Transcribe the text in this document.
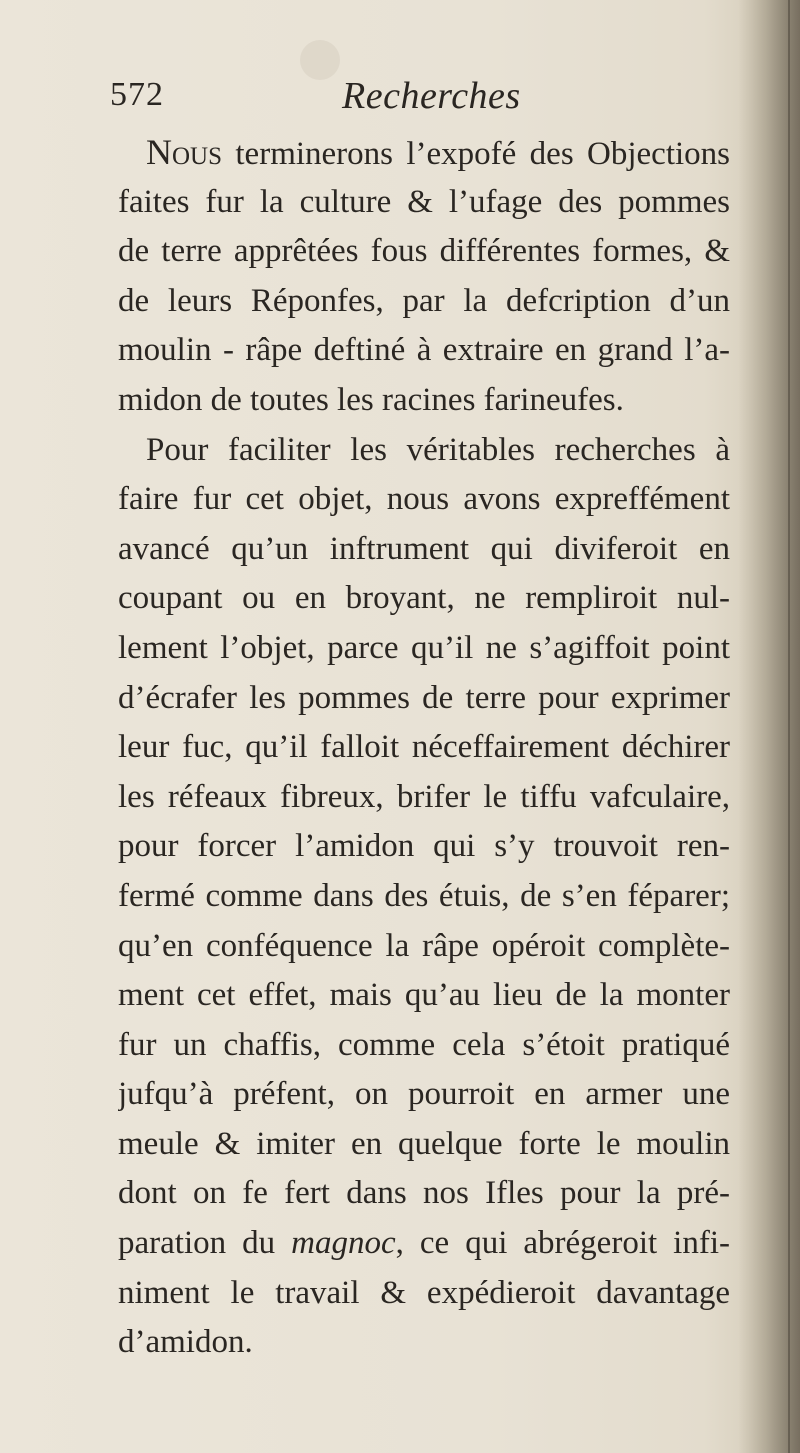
572	Recherches
Nous terminerons l’expofé des Objections
faites fur la culture & l’ufage des pommes
de terre apprêtées fous différentes formes, &
de leurs Réponfes, par la defcription d’un
moulin - râpe deftiné à extraire en grand l’a-
midon de toutes les racines farineufes.
Pour faciliter les véritables recherches à
faire fur cet objet, nous avons expreffément
avancé qu’un inftrument qui diviferoit en
coupant ou en broyant, ne rempliroit nul-
lement l’objet, parce qu’il ne s’agiffoit point
d’écrafer les pommes de terre pour exprimer
leur fuc, qu’il falloit néceffairement déchirer
les réfeaux fibreux, brifer le tiffu vafculaire,
pour forcer l’amidon qui s’y trouvoit ren-
fermé comme dans des étuis, de s’en féparer;
qu’en conféquence la râpe opéroit complète-
ment cet effet, mais qu’au lieu de la monter
fur un chaffis, comme cela s’étoit pratiqué
jufqu’à préfent, on pourroit en armer une
meule & imiter en quelque forte le moulin
dont on fe fert dans nos Ifles pour la pré-
paration du magnoc, ce qui abrégeroit infi-
niment le travail & expédieroit davantage
d’amidon.
